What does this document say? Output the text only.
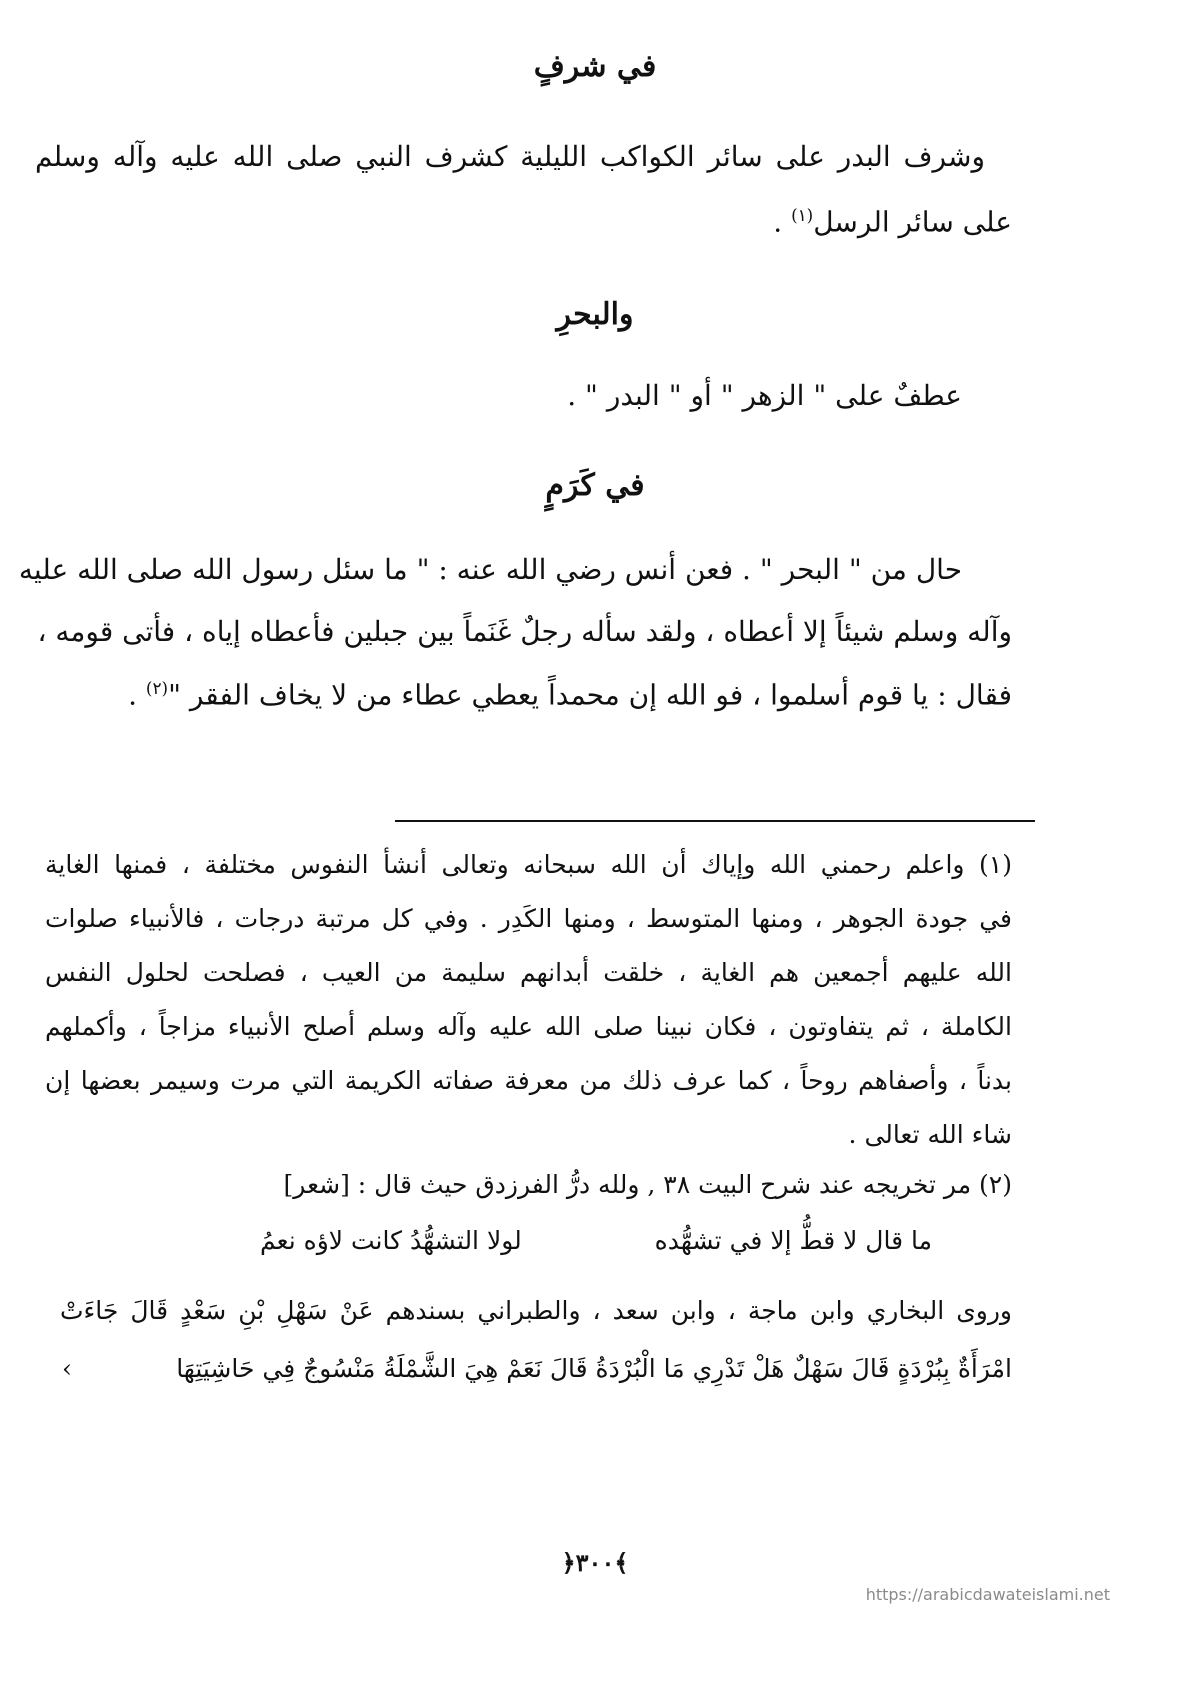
في شرفٍ
وشرف البدر على سائر الكواكب الليلية كشرف النبي صلى الله عليه وآله وسلم
على سائر الرسل$^{(١)}$ .
والبحرِ
عطفٌ على " الزهر " أو " البدر " .
في كَرَمٍ
حال من " البحر " . فعن أنس رضي الله عنه : " ما سئل رسول الله صلى الله عليه
وآله وسلم شيئاً إلا أعطاه ، ولقد سأله رجلٌ غَنَماً بين جبلين فأعطاه إياه ، فأتى قومه ،
فقال : يا قوم أسلموا ، فو الله إن محمداً يعطي عطاء من لا يخاف الفقر "$^{(٢)}$ .
(١) واعلم رحمني الله وإياك أن الله سبحانه وتعالى أنشأ النفوس مختلفة ، فمنها الغاية
في جودة الجوهر ، ومنها المتوسط ، ومنها الكَدِر . وفي كل مرتبة درجات ، فالأنبياء صلوات
الله عليهم أجمعين هم الغاية ، خلقت أبدانهم سليمة من العيب ، فصلحت لحلول النفس
الكاملة ، ثم يتفاوتون ، فكان نبينا صلى الله عليه وآله وسلم أصلح الأنبياء مزاجاً ، وأكملهم
بدناً ، وأصفاهم روحاً ، كما عرف ذلك من معرفة صفاته الكريمة التي مرت وسيمر بعضها إن
شاء الله تعالى .
(٢) مر تخريجه عند شرح البيت ٣٨ , ولله درُّ الفرزدق حيث قال : [شعر]
ما قال لا قطُّ إلا في تشهُّده
لولا التشهُّدُ كانت لاؤه نعمُ
وروى البخاري وابن ماجة ، وابن سعد ، والطبراني بسندهم عَنْ سَهْلِ بْنِ سَعْدٍ قَالَ جَاءَتْ
امْرَأَةٌ بِبُرْدَةٍ قَالَ سَهْلٌ هَلْ تَدْرِي مَا الْبُرْدَةُ قَالَ نَعَمْ هِيَ الشَّمْلَةُ مَنْسُوجٌ فِي حَاشِيَتِهَا
›
﴿٣٠٠﴾
https://arabicdawateislami.net
